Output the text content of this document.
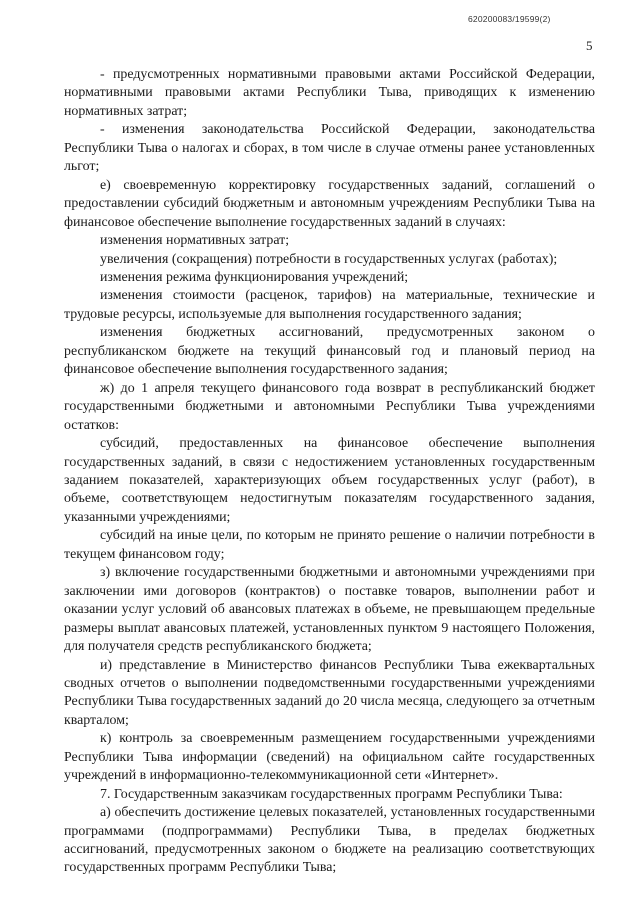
620200083/19599(2)
5

- предусмотренных нормативными правовыми актами Российской Федерации, нормативными правовыми актами Республики Тыва, приводящих к изменению нормативных затрат;

- изменения законодательства Российской Федерации, законодательства Республики Тыва о налогах и сборах, в том числе в случае отмены ранее установленных льгот;

е) своевременную корректировку государственных заданий, соглашений о предоставлении субсидий бюджетным и автономным учреждениям Республики Тыва на финансовое обеспечение выполнение государственных заданий в случаях:

изменения нормативных затрат;

увеличения (сокращения) потребности в государственных услугах (работах);

изменения режима функционирования учреждений;

изменения стоимости (расценок, тарифов) на материальные, технические и трудовые ресурсы, используемые для выполнения государственного задания;

изменения бюджетных ассигнований, предусмотренных законом о республиканском бюджете на текущий финансовый год и плановый период на финансовое обеспечение выполнения государственного задания;

ж) до 1 апреля текущего финансового года возврат в республиканский бюджет государственными бюджетными и автономными Республики Тыва учреждениями остатков:

субсидий, предоставленных на финансовое обеспечение выполнения государственных заданий, в связи с недостижением установленных государственным заданием показателей, характеризующих объем государственных услуг (работ), в объеме, соответствующем недостигнутым показателям государственного задания, указанными учреждениями;

субсидий на иные цели, по которым не принято решение о наличии потребности в текущем финансовом году;

з) включение государственными бюджетными и автономными учреждениями при заключении ими договоров (контрактов) о поставке товаров, выполнении работ и оказании услуг условий об авансовых платежах в объеме, не превышающем предельные размеры выплат авансовых платежей, установленных пунктом 9 настоящего Положения, для получателя средств республиканского бюджета;

и) представление в Министерство финансов Республики Тыва ежеквартальных сводных отчетов о выполнении подведомственными государственными учреждениями Республики Тыва государственных заданий до 20 числа месяца, следующего за отчетным кварталом;

к) контроль за своевременным размещением государственными учреждениями Республики Тыва информации (сведений) на официальном сайте государственных учреждений в информационно-телекоммуникационной сети «Интернет».

7. Государственным заказчикам государственных программ Республики Тыва:

а) обеспечить достижение целевых показателей, установленных государственными программами (подпрограммами) Республики Тыва, в пределах бюджетных ассигнований, предусмотренных законом о бюджете на реализацию соответствующих государственных программ Республики Тыва;
